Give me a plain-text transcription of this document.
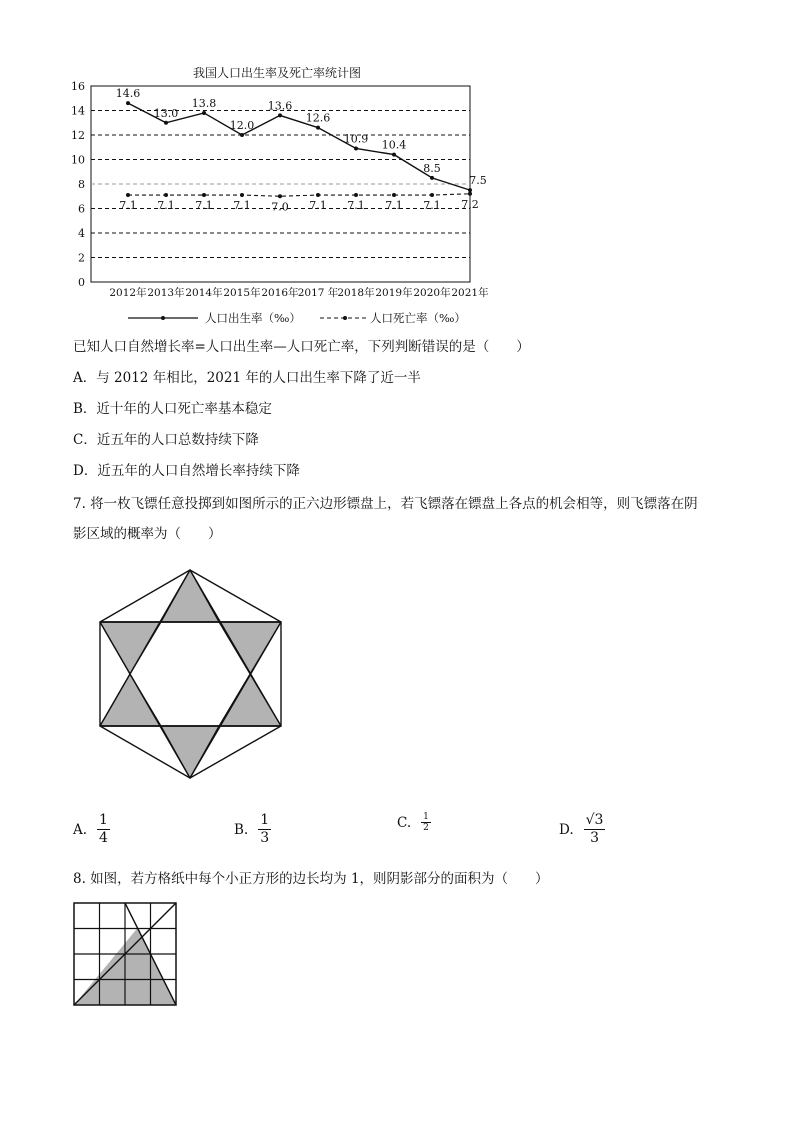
我国人口出生率及死亡率统计图
0
2
4
6
8
10
12
14
16
2012年 2013年 2014年 2015年 2016年 2017 年 2018年 2019年 2020年 2021年
14.6
13.0
13.8
12.0
13.6
12.6
10.9 10.4
8.5
7.5
7.1 7.1 7.1 7.1 7.0 7.1 7.1 7.1 7.1 7.2
人口出生率（‰）	人口死亡率（‰）
已知人口自然增长率=人口出生率—人口死亡率，下列判断错误的是（　　）
A．与 2012 年相比，2021 年的人口出生率下降了近一半
B．近十年的人口死亡率基本稳定
C．近五年的人口总数持续下降
D．近五年的人口自然增长率持续下降
7. 将一枚飞镖任意投掷到如图所示的正六边形镖盘上，若飞镖落在镖盘上各点的机会相等，则飞镖落在阴
影区域的概率为（　　）
A. $\frac{1}{4}$	B. $\frac{1}{3}$	C. $\frac{1}{2}$	D. $\frac{√3}{3}$
8. 如图，若方格纸中每个小正方形的边长均为 1，则阴影部分的面积为（　　）
